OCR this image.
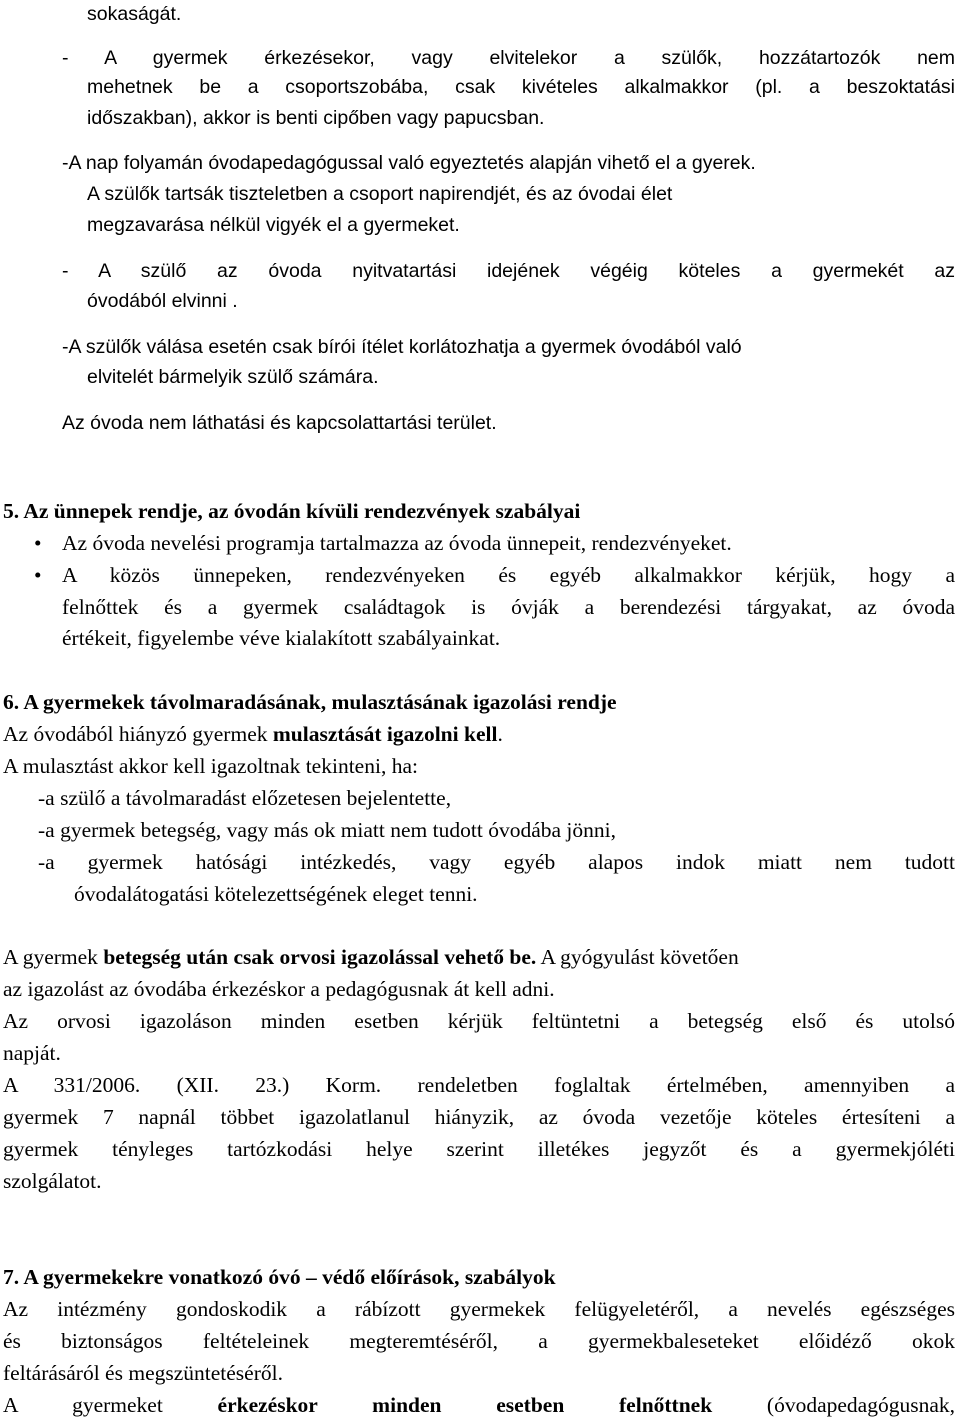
sokaságát.

- A gyermek érkezésekor, vagy elvitelekor a szülők, hozzátartozók nem

mehetnek be a csoportszobába, csak kivételes alkalmakkor (pl. a beszoktatási

időszakban), akkor is benti cipőben vagy papucsban.

-A nap folyamán óvodapedagógussal való egyeztetés alapján vihető el a gyerek.

A szülők tartsák tiszteletben a csoport napirendjét, és az óvodai élet

megzavarása nélkül vigyék el a gyermeket.

- A szülő az óvoda nyitvatartási idejének végéig köteles a gyermekét az

óvodából elvinni .

-A szülők válása esetén csak bírói ítélet korlátozhatja a gyermek óvodából való

elvitelét bármelyik szülő számára.

Az óvoda nem láthatási és kapcsolattartási terület.

5. Az ünnepek rendje, az óvodán kívüli rendezvények szabályai

• Az óvoda nevelési programja tartalmazza az óvoda ünnepeit, rendezvényeket.

• A közös ünnepeken, rendezvényeken és egyéb alkalmakkor kérjük, hogy a

felnőttek és a gyermek családtagok is óvják a berendezési tárgyakat, az óvoda

értékeit, figyelembe véve kialakított szabályainkat.

6. A gyermekek távolmaradásának, mulasztásának igazolási rendje

Az óvodából hiányzó gyermek mulasztását igazolni kell.

A mulasztást akkor kell igazoltnak tekinteni, ha:

-a szülő a távolmaradást előzetesen bejelentette,

-a gyermek betegség, vagy más ok miatt nem tudott óvodába jönni,

-a gyermek hatósági intézkedés, vagy egyéb alapos indok miatt nem tudott

óvodalátogatási kötelezettségének eleget tenni.

A gyermek betegség után csak orvosi igazolással vehető be. A gyógyulást követően

az igazolást az óvodába érkezéskor a pedagógusnak át kell adni.

Az orvosi igazoláson minden esetben kérjük feltüntetni a betegség első és utolsó

napját.

A 331/2006. (XII. 23.) Korm. rendeletben foglaltak értelmében, amennyiben a

gyermek 7 napnál többet igazolatlanul hiányzik, az óvoda vezetője köteles értesíteni a

gyermek tényleges tartózkodási helye szerint illetékes jegyzőt és a gyermekjóléti

szolgálatot.

7. A gyermekekre vonatkozó óvó – védő előírások, szabályok

Az intézmény gondoskodik a rábízott gyermekek felügyeletéről, a nevelés egészséges

és biztonságos feltételeinek megteremtéséről, a gyermekbaleseteket előidéző okok

feltárásáról és megszüntetéséről.

A gyermeket érkezéskor minden esetben felnőttnek (óvodapedagógusnak,
